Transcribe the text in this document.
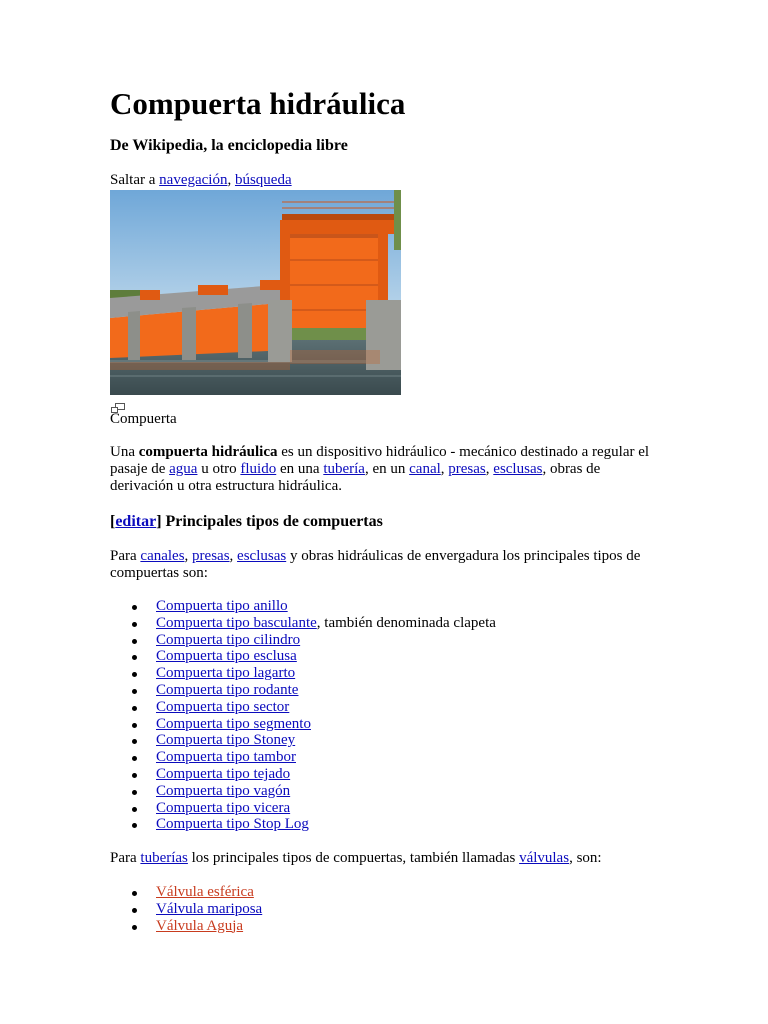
Compuerta hidráulica
De Wikipedia, la enciclopedia libre
Saltar a navegación, búsqueda
Compuerta

Una compuerta hidráulica es un dispositivo hidráulico - mecánico destinado a regular el pasaje de agua u otro fluido en una tubería, en un canal, presas, esclusas, obras de derivación u otra estructura hidráulica.

[editar] Principales tipos de compuertas

Para canales, presas, esclusas y obras hidráulicas de envergadura los principales tipos de compuertas son:

Compuerta tipo anillo
Compuerta tipo basculante, también denominada clapeta
Compuerta tipo cilindro
Compuerta tipo esclusa
Compuerta tipo lagarto
Compuerta tipo rodante
Compuerta tipo sector
Compuerta tipo segmento
Compuerta tipo Stoney
Compuerta tipo tambor
Compuerta tipo tejado
Compuerta tipo vagón
Compuerta tipo vicera
Compuerta tipo Stop Log

Para tuberías los principales tipos de compuertas, también llamadas válvulas, son:

Válvula esférica
Válvula mariposa
Válvula Aguja
